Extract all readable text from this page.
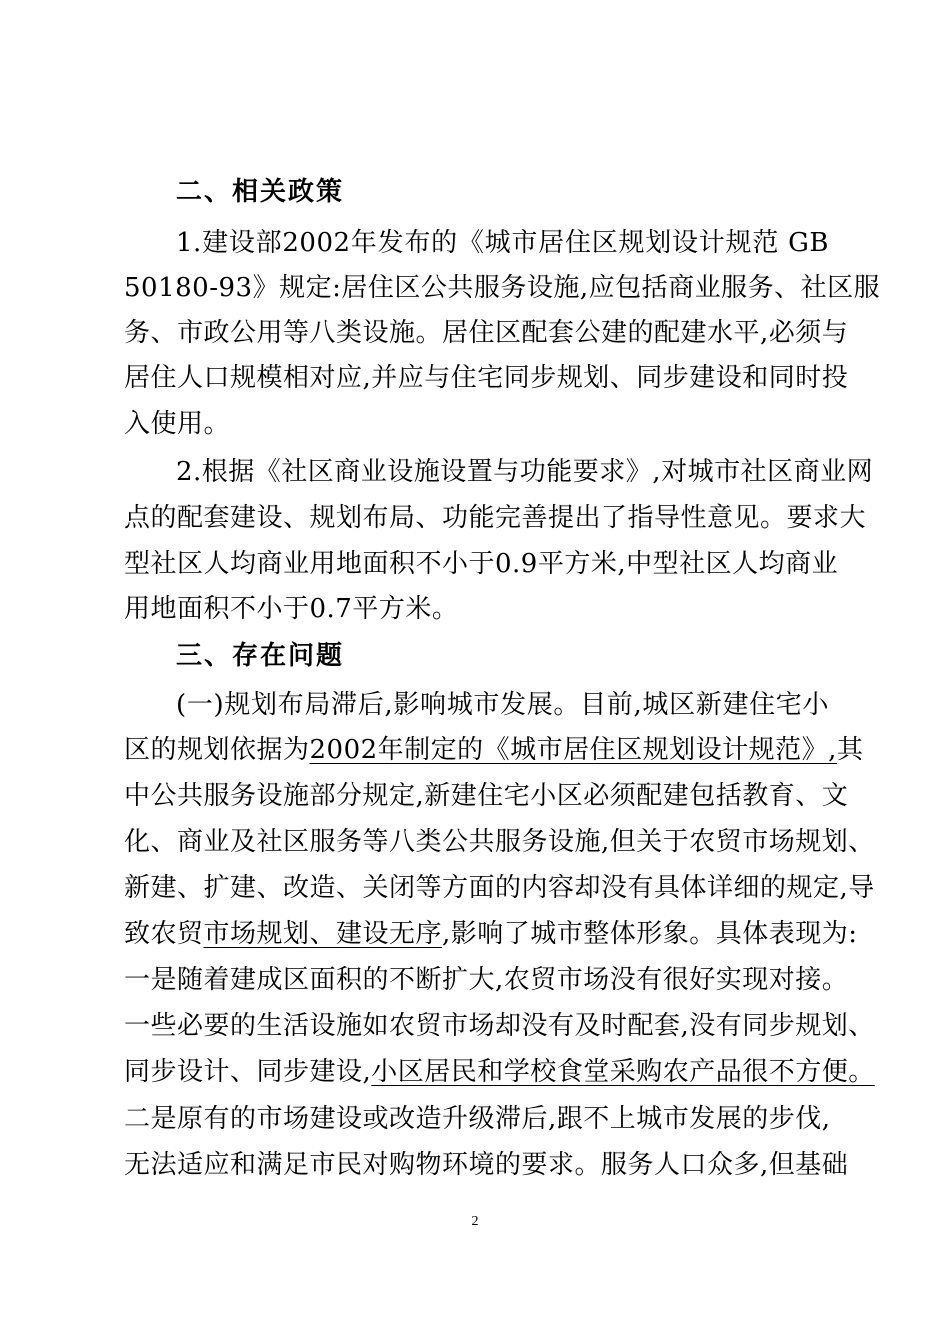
二、相关政策
1.建设部2002年发布的《城市居住区规划设计规范 GB
50180-93》规定:居住区公共服务设施,应包括商业服务、社区服
务、市政公用等八类设施。居住区配套公建的配建水平,必须与
居住人口规模相对应,并应与住宅同步规划、同步建设和同时投
入使用。
2.根据《社区商业设施设置与功能要求》,对城市社区商业网
点的配套建设、规划布局、功能完善提出了指导性意见。要求大
型社区人均商业用地面积不小于0.9平方米,中型社区人均商业
用地面积不小于0.7平方米。
三、存在问题
(一)规划布局滞后,影响城市发展。目前,城区新建住宅小
区的规划依据为2002年制定的《城市居住区规划设计规范》,其
中公共服务设施部分规定,新建住宅小区必须配建包括教育、文
化、商业及社区服务等八类公共服务设施,但关于农贸市场规划、
新建、扩建、改造、关闭等方面的内容却没有具体详细的规定,导
致农贸市场规划、建设无序,影响了城市整体形象。具体表现为:
一是随着建成区面积的不断扩大,农贸市场没有很好实现对接。
一些必要的生活设施如农贸市场却没有及时配套,没有同步规划、
同步设计、同步建设,小区居民和学校食堂采购农产品很不方便。
二是原有的市场建设或改造升级滞后,跟不上城市发展的步伐,
无法适应和满足市民对购物环境的要求。服务人口众多,但基础
2
